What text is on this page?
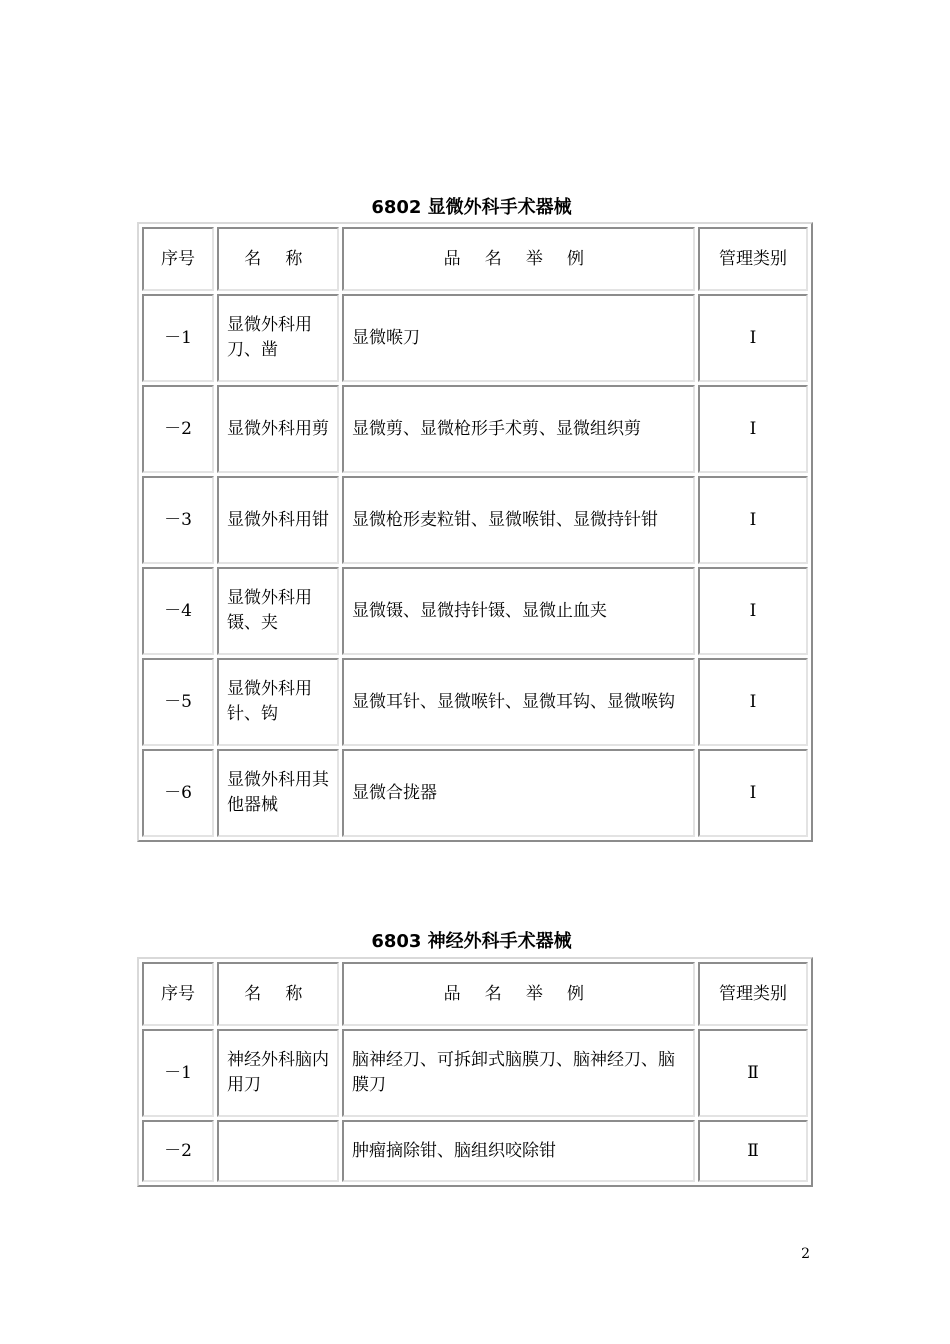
6802 显微外科手术器械
序号	名 称	品 名 举 例	管理类别
－1	显微外科用刀、凿	显微喉刀	Ⅰ
－2	显微外科用剪	显微剪、显微枪形手术剪、显微组织剪	Ⅰ
－3	显微外科用钳	显微枪形麦粒钳、显微喉钳、显微持针钳	Ⅰ
－4	显微外科用镊、夹	显微镊、显微持针镊、显微止血夹	Ⅰ
－5	显微外科用针、钩	显微耳针、显微喉针、显微耳钩、显微喉钩	Ⅰ
－6	显微外科用其他器械	显微合拢器	Ⅰ
6803 神经外科手术器械
序号	名 称	品 名 举 例	管理类别
－1	神经外科脑内用刀	脑神经刀、可拆卸式脑膜刀、脑神经刀、脑膜刀	Ⅱ
－2		肿瘤摘除钳、脑组织咬除钳	Ⅱ
2
